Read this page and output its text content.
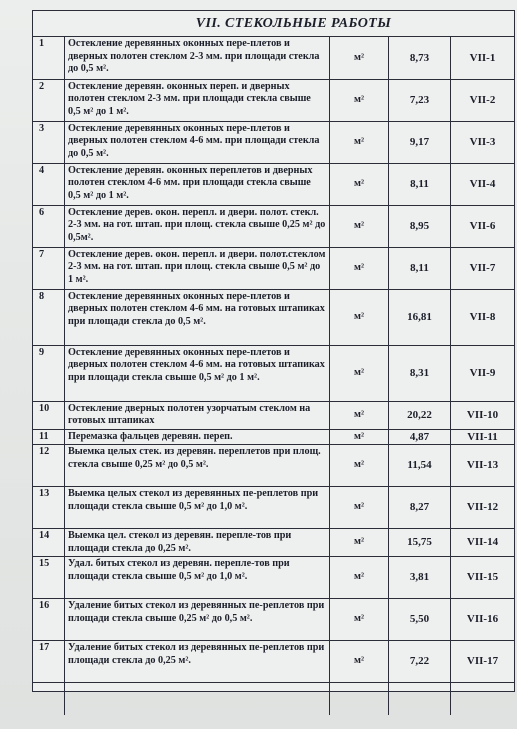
VII. СТЕКОЛЬНЫЕ РАБОТЫ
1	Остекление деревянных оконных пере-плетов и дверных полотен стеклом 2-3 мм. при площади стекла до 0,5 м².	м²	8,73	VII-1
2	Остекление деревян. оконных переп. и дверных полотен стеклом 2-3 мм. при площади стекла свыше 0,5 м² до 1 м².	м²	7,23	VII-2
3	Остекление деревянных оконных пере-плетов и дверных полотен стеклом 4-6 мм. при площади стекла до 0,5 м².	м²	9,17	VII-3
4	Остекление деревян. оконных переплетов и дверных полотен стеклом 4-6 мм. при площади стекла свыше 0,5 м² до 1 м².	м²	8,11	VII-4
6	Остекление дерев. окон. перепл. и двери. полот. стекл. 2-3 мм. на гот. штап. при площ. стекла свыше 0,25 м² до 0,5м².	м²	8,95	VII-6
7	Остекление дерев. окон. перепл. и двери. полот.стеклом 2-3 мм. на гот. штап. при площ. стекла свыше 0,5 м² до 1 м².	м²	8,11	VII-7
8	Остекление деревянных оконных пере-плетов и дверных полотен стеклом 4-6 мм. на готовых штапиках при площади стекла до 0,5 м².	м²	16,81	VII-8
9	Остекление деревянных оконных пере-плетов и дверных полотен стеклом 4-6 мм. на готовых штапиках при площади стекла свыше 0,5 м² до 1 м².	м²	8,31	VII-9
10	Остекление дверных полотен узорчатым стеклом на готовых штапиках	м²	20,22	VII-10
11	Перемазка фальцев деревян. переп.	м²	4,87	VII-11
12	Выемка целых стек. из деревян. переплетов при площ. стекла свыше 0,25 м² до 0,5 м².	м²	11,54	VII-13
13	Выемка целых стекол из деревянных пе-реплетов при площади стекла свыше 0,5 м² до 1,0 м².	м²	8,27	VII-12
14	Выемка цел. стекол из деревян. перепле-тов при площади стекла до 0,25 м².	м²	15,75	VII-14
15	Удал. битых стекол из деревян. перепле-тов при площади стекла свыше 0,5 м² до 1,0 м².	м²	3,81	VII-15
16	Удаление битых стекол из деревянных пе-реплетов при площади стекла свыше 0,25 м² до 0,5 м².	м²	5,50	VII-16
17	Удаление битых стекол из деревянных пе-реплетов при площади стекла до 0,25 м².	м²	7,22	VII-17
